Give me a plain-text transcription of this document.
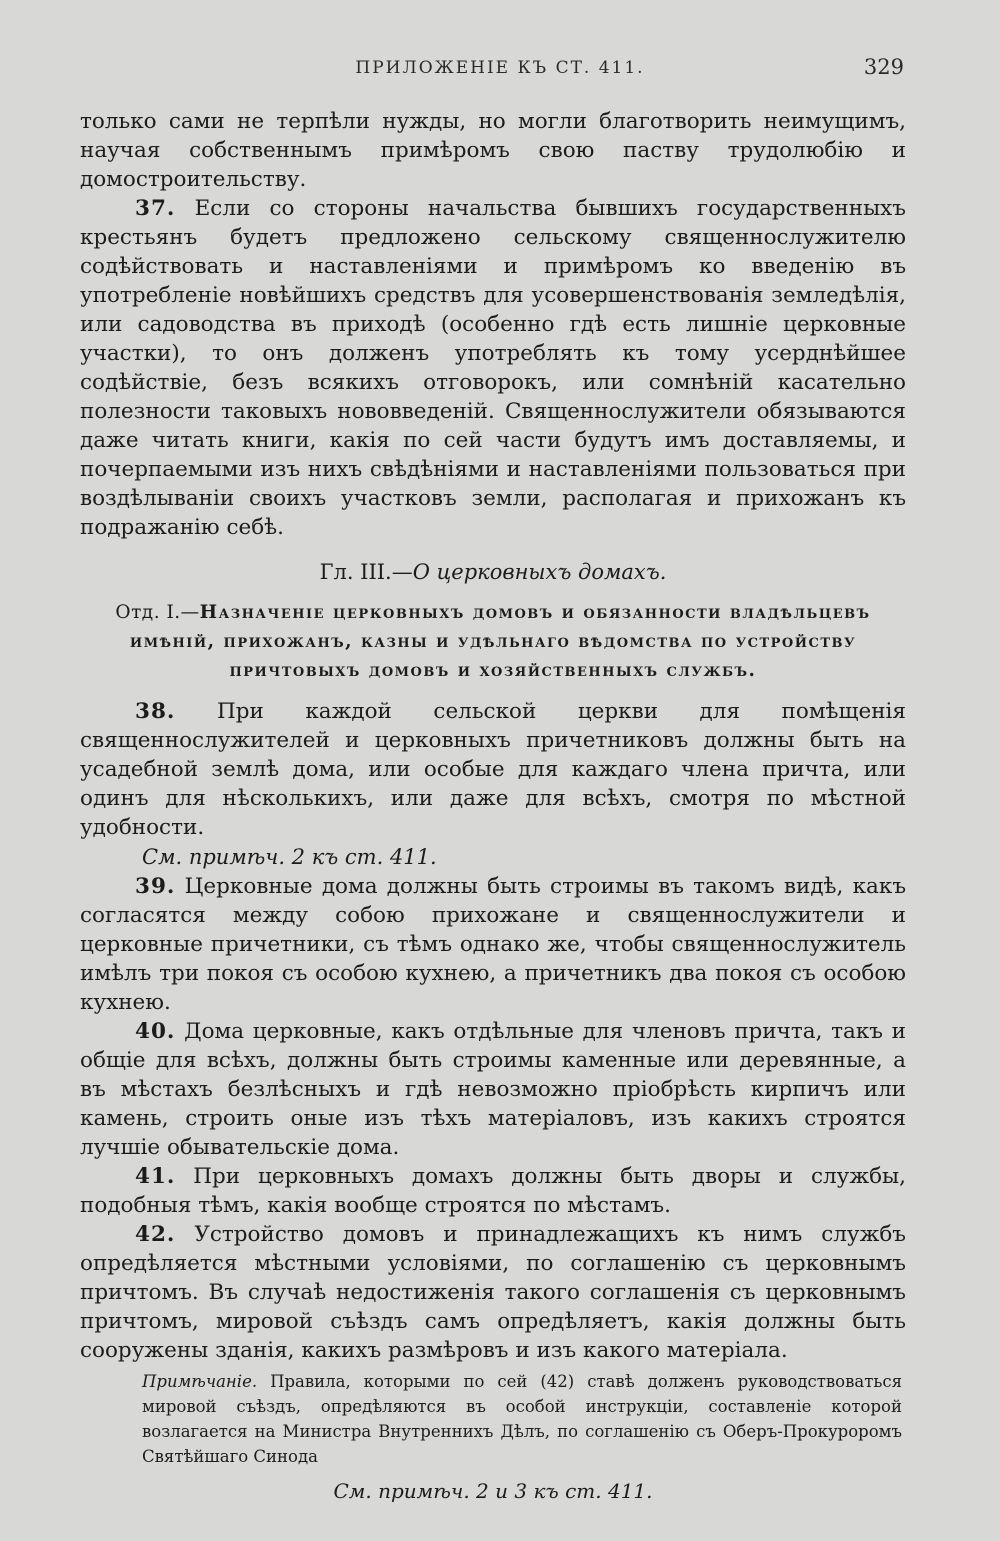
ПРИЛОЖЕНІЕ КЪ СТ. 411.	329

только сами не терпѣли нужды, но могли благотворить неимущимъ, научая собственнымъ примѣромъ свою паству трудолюбію и домостроительству.

37. Если со стороны начальства бывшихъ государственныхъ крестьянъ будетъ предложено сельскому священнослужителю содѣйствовать и наставленіями и примѣромъ ко введенію въ употребленіе новѣйшихъ средствъ для усовершенствованія земледѣлія, или садоводства въ приходѣ (особенно гдѣ есть лишніе церковные участки), то онъ долженъ употреблять къ тому усерднѣйшее содѣйствіе, безъ всякихъ отговорокъ, или сомнѣній касательно полезности таковыхъ нововведеній. Священнослужители обязываются даже читать книги, какія по сей части будутъ имъ доставляемы, и почерпаемыми изъ нихъ свѣдѣніями и наставленіями пользоваться при воздѣлываніи своихъ участковъ земли, располагая и прихожанъ къ подражанію себѣ.

Гл. III.—О церковныхъ домахъ.
Отд. I.—Назначеніе церковныхъ домовъ и обязанности владѣльцевъ имѣній, прихожанъ, казны и удѣльнаго вѣдомства по устройству причтовыхъ домовъ и хозяйственныхъ службъ.

38. При каждой сельской церкви для помѣщенія священнослужителей и церковныхъ причетниковъ должны быть на усадебной землѣ дома, или особые для каждаго члена причта, или одинъ для нѣсколькихъ, или даже для всѣхъ, смотря по мѣстной удобности.

См. примѣч. 2 къ ст. 411.

39. Церковные дома должны быть строимы въ такомъ видѣ, какъ согласятся между собою прихожане и священнослужители и церковные причетники, съ тѣмъ однако же, чтобы священнослужитель имѣлъ три покоя съ особою кухнею, а причетникъ два покоя съ особою кухнею.

40. Дома церковные, какъ отдѣльные для членовъ причта, такъ и общіе для всѣхъ, должны быть строимы каменные или деревянные, а въ мѣстахъ безлѣсныхъ и гдѣ невозможно пріобрѣсть кирпичъ или камень, строить оные изъ тѣхъ матеріаловъ, изъ какихъ строятся лучшіе обывательскіе дома.

41. При церковныхъ домахъ должны быть дворы и службы, подобныя тѣмъ, какія вообще строятся по мѣстамъ.

42. Устройство домовъ и принадлежащихъ къ нимъ службъ опредѣляется мѣстными условіями, по соглашенію съ церковнымъ причтомъ. Въ случаѣ недостиженія такого соглашенія съ церковнымъ причтомъ, мировой съѣздъ самъ опредѣляетъ, какія должны быть сооружены зданія, какихъ размѣровъ и изъ какого матеріала.

Примѣчаніе. Правила, которыми по сей (42) ставѣ долженъ руководствоваться мировой съѣздъ, опредѣляются въ особой инструкціи, составленіе которой возлагается на Министра Внутреннихъ Дѣлъ, по соглашенію съ Оберъ-Прокуроромъ Святѣйшаго Синода

См. примѣч. 2 и 3 къ ст. 411.
